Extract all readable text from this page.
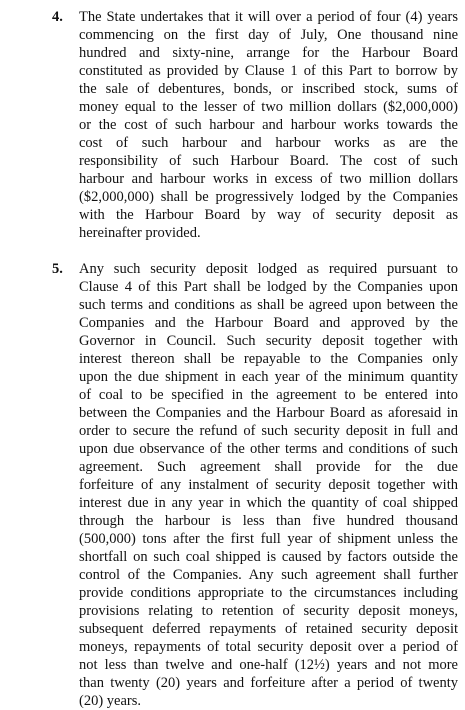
4. The State undertakes that it will over a period of four (4) years
commencing on the first day of July, One thousand nine
hundred and sixty-nine, arrange for the Harbour Board
constituted as provided by Clause 1 of this Part to borrow by
the sale of debentures, bonds, or inscribed stock, sums of
money equal to the lesser of two million dollars ($2,000,000)
or the cost of such harbour and harbour works towards the
cost of such harbour and harbour works as are the
responsibility of such Harbour Board. The cost of such
harbour and harbour works in excess of two million dollars
($2,000,000) shall be progressively lodged by the Companies
with the Harbour Board by way of security deposit as
hereinafter provided.
5. Any such security deposit lodged as required pursuant to
Clause 4 of this Part shall be lodged by the Companies upon
such terms and conditions as shall be agreed upon between the
Companies and the Harbour Board and approved by the
Governor in Council. Such security deposit together with
interest thereon shall be repayable to the Companies only
upon the due shipment in each year of the minimum quantity
of coal to be specified in the agreement to be entered into
between the Companies and the Harbour Board as aforesaid in
order to secure the refund of such security deposit in full and
upon due observance of the other terms and conditions of such
agreement. Such agreement shall provide for the due
forfeiture of any instalment of security deposit together with
interest due in any year in which the quantity of coal shipped
through the harbour is less than five hundred thousand
(500,000) tons after the first full year of shipment unless the
shortfall on such coal shipped is caused by factors outside the
control of the Companies. Any such agreement shall further
provide conditions appropriate to the circumstances including
provisions relating to retention of security deposit moneys,
subsequent deferred repayments of retained security deposit
moneys, repayments of total security deposit over a period of
not less than twelve and one-half (12½) years and not more
than twenty (20) years and forfeiture after a period of twenty
(20) years.
